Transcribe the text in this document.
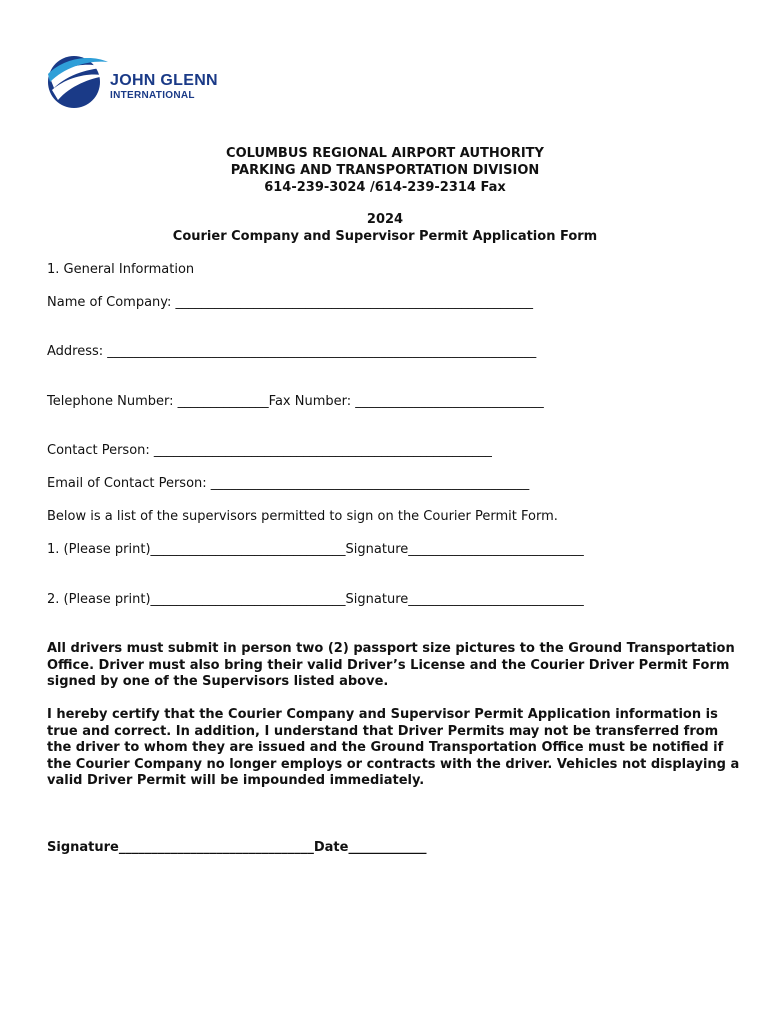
JOHN GLENN
INTERNATIONAL
COLUMBUS REGIONAL AIRPORT AUTHORITY
PARKING AND TRANSPORTATION DIVISION
614-239-3024 /614-239-2314 Fax
2024
Courier Company and Supervisor Permit Application Form
1. General Information
Name of Company: _______________________________________________________
Address: __________________________________________________________________
Telephone Number: ______________Fax Number: _____________________________
Contact Person: ____________________________________________________
Email of Contact Person: _________________________________________________
Below is a list of the supervisors permitted to sign on the Courier Permit Form.
1. (Please print)______________________________Signature___________________________
2. (Please print)______________________________Signature___________________________
All drivers must submit in person two (2) passport size pictures to the Ground Transportation Office. Driver must also bring their valid Driver’s License and the Courier Driver Permit Form signed by one of the Supervisors listed above.
I hereby certify that the Courier Company and Supervisor Permit Application information is true and correct. In addition, I understand that Driver Permits may not be transferred from the driver to whom they are issued and the Ground Transportation Office must be notified if the Courier Company no longer employs or contracts with the driver. Vehicles not displaying a valid Driver Permit will be impounded immediately.
Signature______________________________Date____________
